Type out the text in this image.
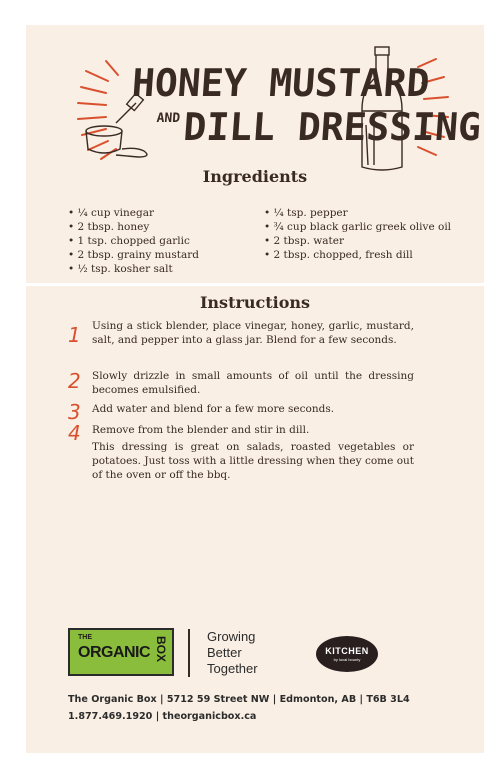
HONEY MUSTARD
$^{AND}$DILL DRESSING
Ingredients
• ¼ cup vinegar
• 2 tbsp. honey
• 1 tsp. chopped garlic
• 2 tbsp. grainy mustard
• ½ tsp. kosher salt
• ¼ tsp. pepper
• ¾ cup black garlic greek olive oil
• 2 tbsp. water
• 2 tbsp. chopped, fresh dill
Instructions
1 Using a stick blender, place vinegar, honey, garlic, mustard, salt, and pepper into a glass jar. Blend for a few seconds.
2 Slowly drizzle in small amounts of oil until the dressing becomes emulsified.
3 Add water and blend for a few more seconds.
4 Remove from the blender and stir in dill.
This dressing is great on salads, roasted vegetables or potatoes. Just toss with a little dressing when they come out of the oven or off the bbq.
THE
ORGANIC BOX	Growing
Better
Together
KITCHEN
by local bounty
The Organic Box | 5712 59 Street NW | Edmonton, AB | T6B 3L4
1.877.469.1920 | theorganicbox.ca
